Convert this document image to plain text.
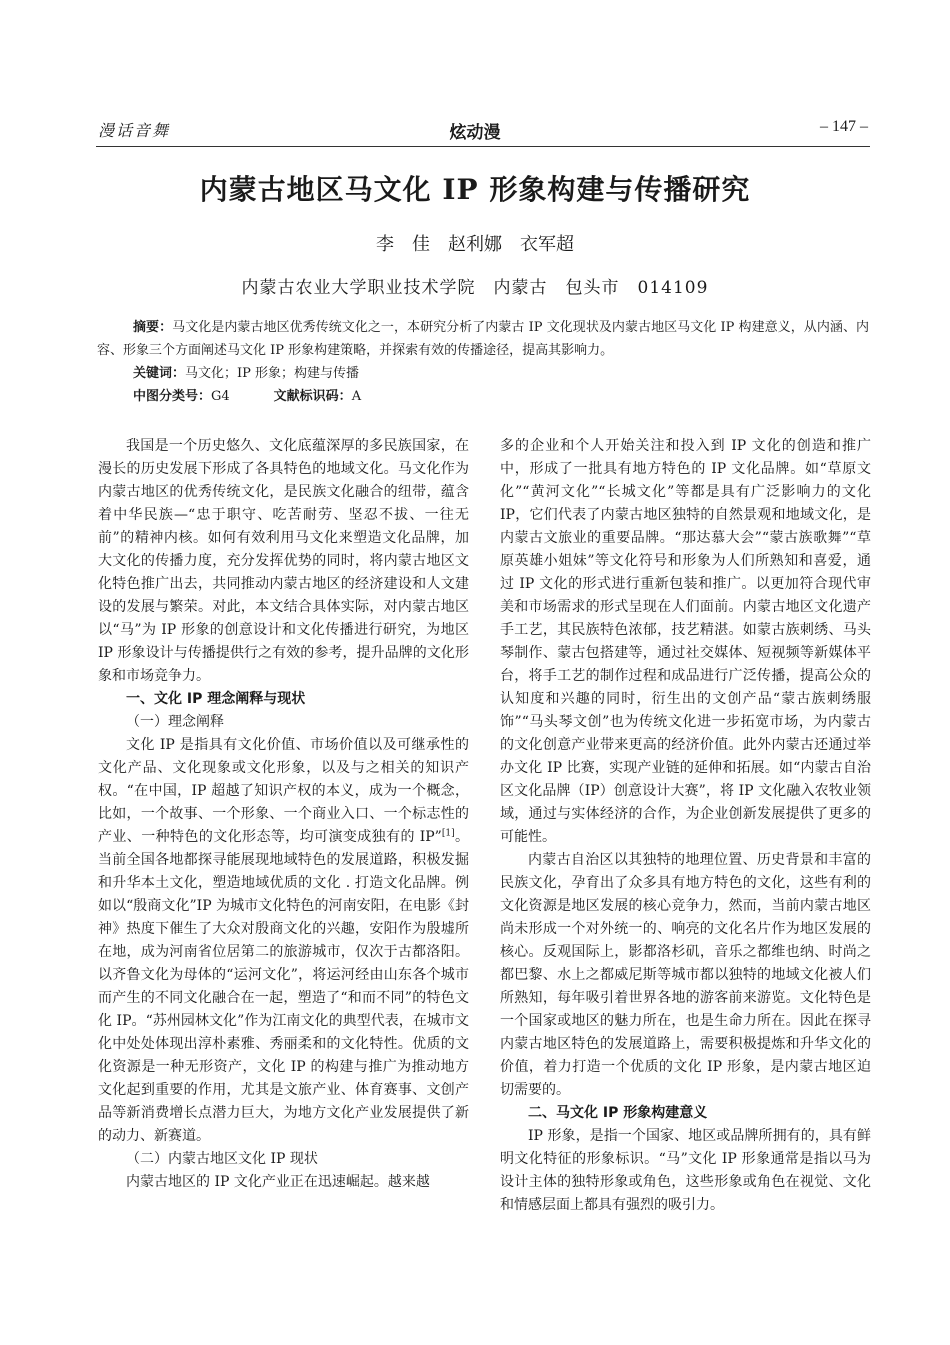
漫话音舞	炫动漫	– 147 –
内蒙古地区马文化 IP 形象构建与传播研究
李　佳　赵利娜　衣军超
内蒙古农业大学职业技术学院　内蒙古　包头市　014109

摘要：马文化是内蒙古地区优秀传统文化之一，本研究分析了内蒙古 IP 文化现状及内蒙古地区马文化 IP 构建意义，从内涵、内容、形象三个方面阐述马文化 IP 形象构建策略，并探索有效的传播途径，提高其影响力。

关键词：马文化；IP 形象；构建与传播

中图分类号：G4	文献标识码：A

我国是一个历史悠久、文化底蕴深厚的多民族国家，在漫长的历史发展下形成了各具特色的地域文化。马文化作为内蒙古地区的优秀传统文化，是民族文化融合的纽带，蕴含着中华民族—“忠于职守、吃苦耐劳、坚忍不拔、一往无前”的精神内核。如何有效利用马文化来塑造文化品牌，加大文化的传播力度，充分发挥优势的同时，将内蒙古地区文化特色推广出去，共同推动内蒙古地区的经济建设和人文建设的发展与繁荣。对此，本文结合具体实际，对内蒙古地区以“马”为 IP 形象的创意设计和文化传播进行研究，为地区 IP 形象设计与传播提供行之有效的参考，提升品牌的文化形象和市场竞争力。

一、文化 IP 理念阐释与现状

（一）理念阐释

文化 IP 是指具有文化价值、市场价值以及可继承性的文化产品、文化现象或文化形象，以及与之相关的知识产权。“在中国，IP 超越了知识产权的本义，成为一个概念，比如，一个故事、一个形象、一个商业入口、一个标志性的产业、一种特色的文化形态等，均可演变成独有的 IP”[1]。当前全国各地都探寻能展现地域特色的发展道路，积极发掘和升华本土文化，塑造地域优质的文化 . 打造文化品牌。例如以“殷商文化”IP 为城市文化特色的河南安阳，在电影《封神》热度下催生了大众对殷商文化的兴趣，安阳作为殷墟所在地，成为河南省位居第二的旅游城市，仅次于古都洛阳。以齐鲁文化为母体的“运河文化”，将运河经由山东各个城市而产生的不同文化融合在一起，塑造了“和而不同”的特色文化 IP。“苏州园林文化”作为江南文化的典型代表，在城市文化中处处体现出淳朴素雅、秀丽柔和的文化特性。优质的文化资源是一种无形资产，文化 IP 的构建与推广为推动地方文化起到重要的作用，尤其是文旅产业、体育赛事、文创产品等新消费增长点潜力巨大，为地方文化产业发展提供了新的动力、新赛道。

（二）内蒙古地区文化 IP 现状

内蒙古地区的 IP 文化产业正在迅速崛起。越来越

多的企业和个人开始关注和投入到 IP 文化的创造和推广中，形成了一批具有地方特色的 IP 文化品牌。如“草原文化”“黄河文化”“长城文化”等都是具有广泛影响力的文化 IP，它们代表了内蒙古地区独特的自然景观和地域文化，是内蒙古文旅业的重要品牌。“那达慕大会”“蒙古族歌舞”“草原英雄小姐妹”等文化符号和形象为人们所熟知和喜爱，通过 IP 文化的形式进行重新包装和推广。以更加符合现代审美和市场需求的形式呈现在人们面前。内蒙古地区文化遗产手工艺，其民族特色浓郁，技艺精湛。如蒙古族刺绣、马头琴制作、蒙古包搭建等，通过社交媒体、短视频等新媒体平台，将手工艺的制作过程和成品进行广泛传播，提高公众的认知度和兴趣的同时，衍生出的文创产品“蒙古族刺绣服饰”“马头琴文创”也为传统文化进一步拓宽市场，为内蒙古的文化创意产业带来更高的经济价值。此外内蒙古还通过举办文化 IP 比赛，实现产业链的延伸和拓展。如“内蒙古自治区文化品牌（IP）创意设计大赛”，将 IP 文化融入农牧业领域，通过与实体经济的合作，为企业创新发展提供了更多的可能性。

内蒙古自治区以其独特的地理位置、历史背景和丰富的民族文化，孕育出了众多具有地方特色的文化，这些有利的文化资源是地区发展的核心竞争力，然而，当前内蒙古地区尚未形成一个对外统一的、响亮的文化名片作为地区发展的核心。反观国际上，影都洛杉矶，音乐之都维也纳、时尚之都巴黎、水上之都威尼斯等城市都以独特的地域文化被人们所熟知，每年吸引着世界各地的游客前来游览。文化特色是一个国家或地区的魅力所在，也是生命力所在。因此在探寻内蒙古地区特色的发展道路上，需要积极提炼和升华文化的价值，着力打造一个优质的文化 IP 形象，是内蒙古地区迫切需要的。

二、马文化 IP 形象构建意义

IP 形象，是指一个国家、地区或品牌所拥有的，具有鲜明文化特征的形象标识。“马”文化 IP 形象通常是指以马为设计主体的独特形象或角色，这些形象或角色在视觉、文化和情感层面上都具有强烈的吸引力。
